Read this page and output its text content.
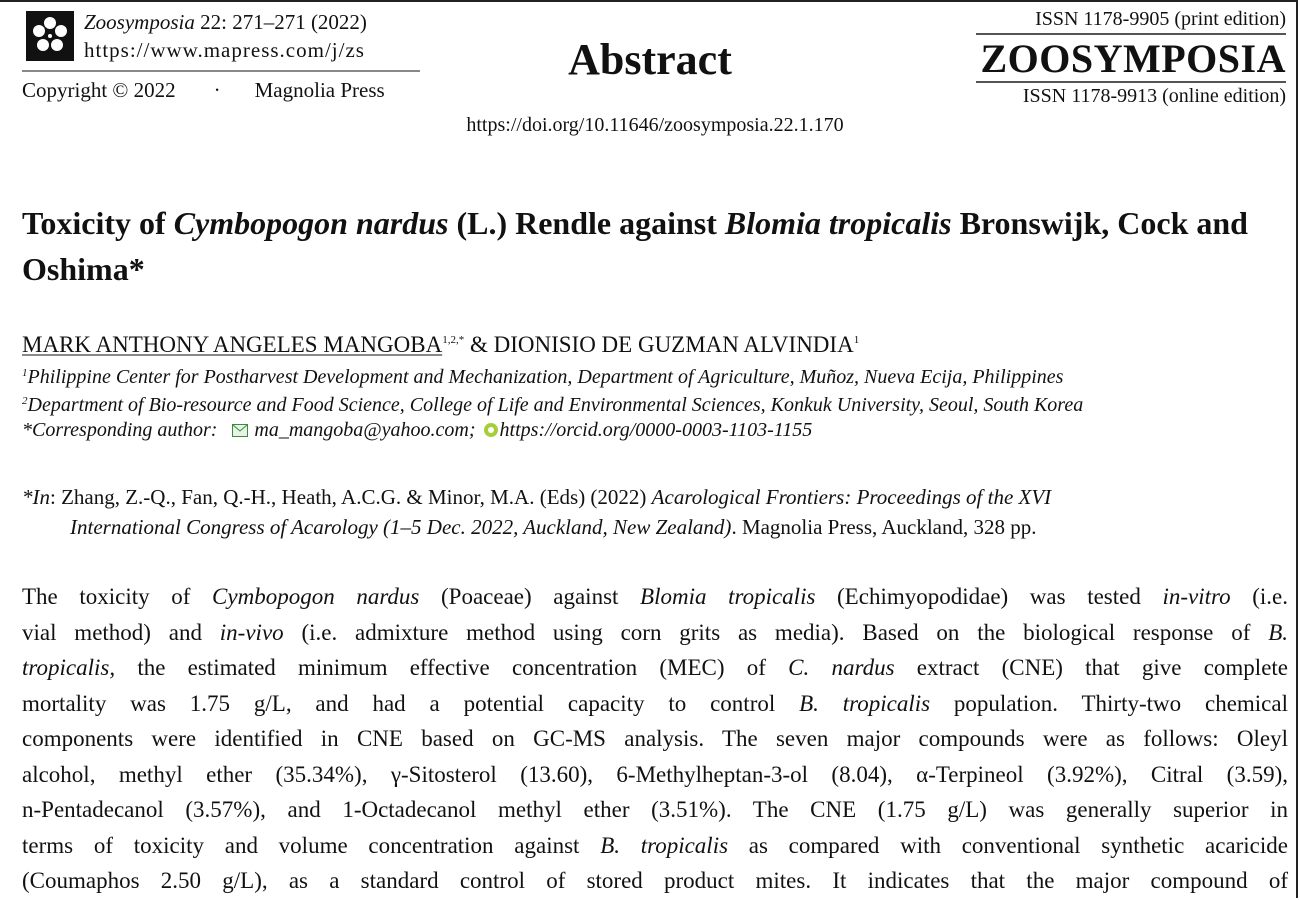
Zoosymposia 22: 271–271 (2022)
https://www.mapress.com/j/zs
Copyright © 2022 · Magnolia Press
Abstract
https://doi.org/10.11646/zoosymposia.22.1.170
ISSN 1178-9905 (print edition)
ZOOSYMPOSIA
ISSN 1178-9913 (online edition)
Toxicity of Cymbopogon nardus (L.) Rendle against Blomia tropicalis Bronswijk, Cock and Oshima*
MARK ANTHONY ANGELES $MANGOBA^{1,2,*}$ & DIONISIO DE GUZMAN ALVINDIA$^1$
$^1$Philippine Center for Postharvest Development and Mechanization, Department of Agriculture, Muñoz, Nueva Ecija, Philippines
$^2$Department of Bio-resource and Food Science, College of Life and Environmental Sciences, Konkuk University, Seoul, South Korea
*Corresponding author: ma_mangoba@yahoo.com; https://orcid.org/0000-0003-1103-1155
*In: Zhang, Z.-Q., Fan, Q.-H., Heath, A.C.G. & Minor, M.A. (Eds) (2022) Acarological Frontiers: Proceedings of the XVI
International Congress of Acarology (1–5 Dec. 2022, Auckland, New Zealand). Magnolia Press, Auckland, 328 pp.
The toxicity of Cymbopogon nardus (Poaceae) against Blomia tropicalis (Echimyopodidae) was tested in-vitro (i.e.
vial method) and in-vivo (i.e. admixture method using corn grits as media). Based on the biological response of B.
tropicalis, the estimated minimum effective concentration (MEC) of C. nardus extract (CNE) that give complete
mortality was 1.75 g/L, and had a potential capacity to control B. tropicalis population. Thirty-two chemical
components were identified in CNE based on GC-MS analysis. The seven major compounds were as follows: Oleyl
alcohol, methyl ether (35.34%), γ-Sitosterol (13.60), 6-Methylheptan-3-ol (8.04), α-Terpineol (3.92%), Citral (3.59),
n-Pentadecanol (3.57%), and 1-Octadecanol methyl ether (3.51%). The CNE (1.75 g/L) was generally superior in
terms of toxicity and volume concentration against B. tropicalis as compared with conventional synthetic acaricide
(Coumaphos 2.50 g/L), as a standard control of stored product mites. It indicates that the major compound of
